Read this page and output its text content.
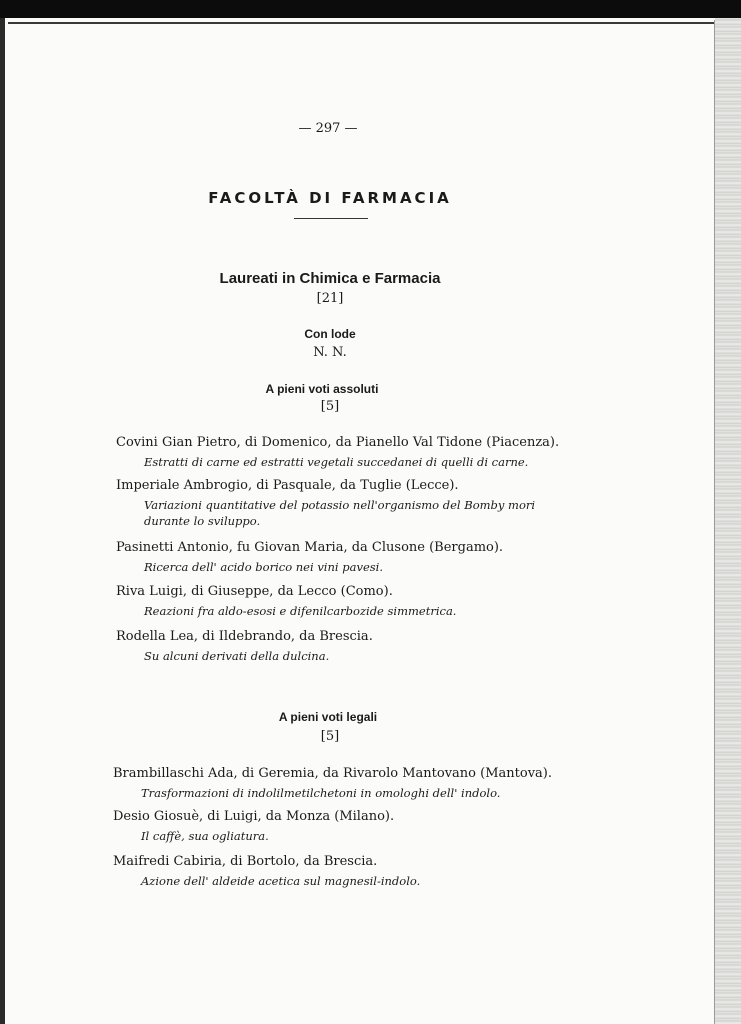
— 297 —
FACOLTÀ DI FARMACIA
Laureati in Chimica e Farmacia
[21]
Con lode
N. N.
A pieni voti assoluti
[5]
Covini Gian Pietro, di Domenico, da Pianello Val Tidone (Piacenza).
Estratti di carne ed estratti vegetali succedanei di quelli di carne.
Imperiale Ambrogio, di Pasquale, da Tuglie (Lecce).
Variazioni quantitative del potassio nell'organismo del Bomby mori durante lo sviluppo.
Pasinetti Antonio, fu Giovan Maria, da Clusone (Bergamo).
Ricerca dell' acido borico nei vini pavesi.
Riva Luigi, di Giuseppe, da Lecco (Como).
Reazioni fra aldo-esosi e difenilcarbozide simmetrica.
Rodella Lea, di Ildebrando, da Brescia.
Su alcuni derivati della dulcina.
A pieni voti legali
[5]
Brambillaschi Ada, di Geremia, da Rivarolo Mantovano (Mantova).
Trasformazioni di indolilmetilchetoni in omologhi dell' indolo.
Desio Giosuè, di Luigi, da Monza (Milano).
Il caffè, sua ogliatura.
Maifredi Cabiria, di Bortolo, da Brescia.
Azione dell' aldeide acetica sul magnesil-indolo.
